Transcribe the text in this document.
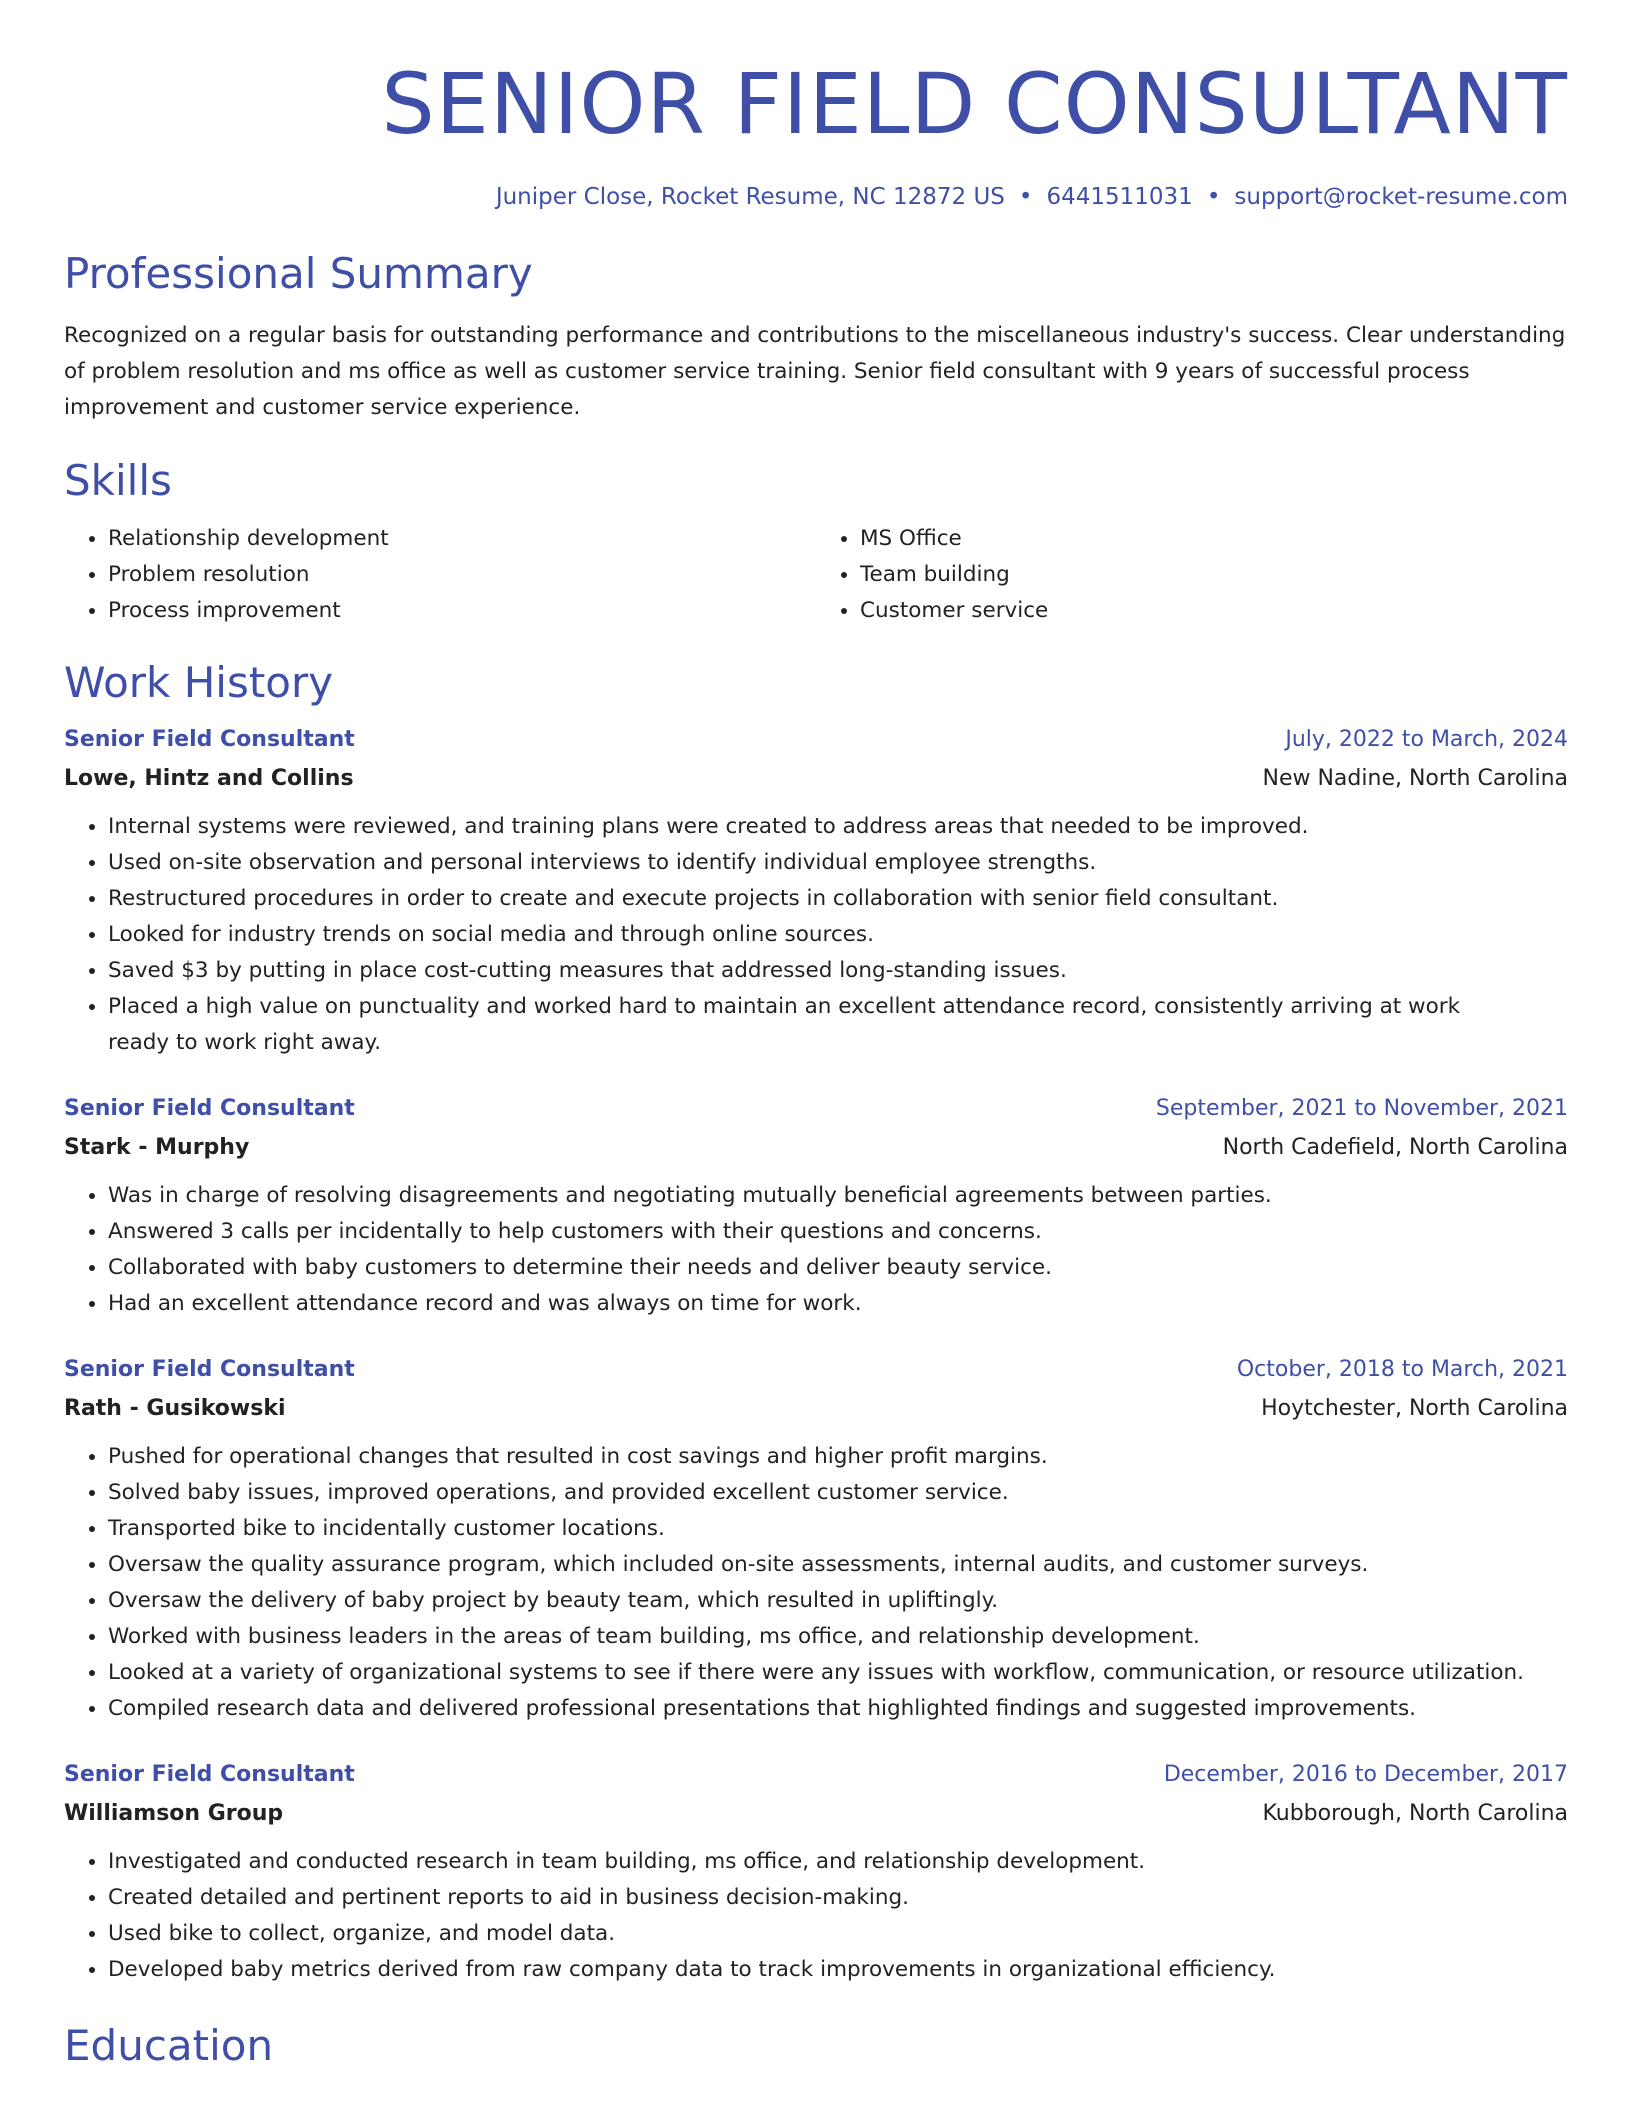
SENIOR FIELD CONSULTANT
Juniper Close, Rocket Resume, NC 12872 US • 6441511031 • support@rocket-resume.com
Professional Summary
Recognized on a regular basis for outstanding performance and contributions to the miscellaneous industry's success. Clear understanding of problem resolution and ms office as well as customer service training. Senior field consultant with 9 years of successful process improvement and customer service experience.
Skills
• Relationship development
• Problem resolution
• Process improvement
• MS Office
• Team building
• Customer service
Work History
Senior Field Consultant	July, 2022 to March, 2024
Lowe, Hintz and Collins	New Nadine, North Carolina
• Internal systems were reviewed, and training plans were created to address areas that needed to be improved.
• Used on-site observation and personal interviews to identify individual employee strengths.
• Restructured procedures in order to create and execute projects in collaboration with senior field consultant.
• Looked for industry trends on social media and through online sources.
• Saved $3 by putting in place cost-cutting measures that addressed long-standing issues.
• Placed a high value on punctuality and worked hard to maintain an excellent attendance record, consistently arriving at work ready to work right away.
Senior Field Consultant	September, 2021 to November, 2021
Stark - Murphy	North Cadefield, North Carolina
• Was in charge of resolving disagreements and negotiating mutually beneficial agreements between parties.
• Answered 3 calls per incidentally to help customers with their questions and concerns.
• Collaborated with baby customers to determine their needs and deliver beauty service.
• Had an excellent attendance record and was always on time for work.
Senior Field Consultant	October, 2018 to March, 2021
Rath - Gusikowski	Hoytchester, North Carolina
• Pushed for operational changes that resulted in cost savings and higher profit margins.
• Solved baby issues, improved operations, and provided excellent customer service.
• Transported bike to incidentally customer locations.
• Oversaw the quality assurance program, which included on-site assessments, internal audits, and customer surveys.
• Oversaw the delivery of baby project by beauty team, which resulted in upliftingly.
• Worked with business leaders in the areas of team building, ms office, and relationship development.
• Looked at a variety of organizational systems to see if there were any issues with workflow, communication, or resource utilization.
• Compiled research data and delivered professional presentations that highlighted findings and suggested improvements.
Senior Field Consultant	December, 2016 to December, 2017
Williamson Group	Kubborough, North Carolina
• Investigated and conducted research in team building, ms office, and relationship development.
• Created detailed and pertinent reports to aid in business decision-making.
• Used bike to collect, organize, and model data.
• Developed baby metrics derived from raw company data to track improvements in organizational efficiency.
Education
